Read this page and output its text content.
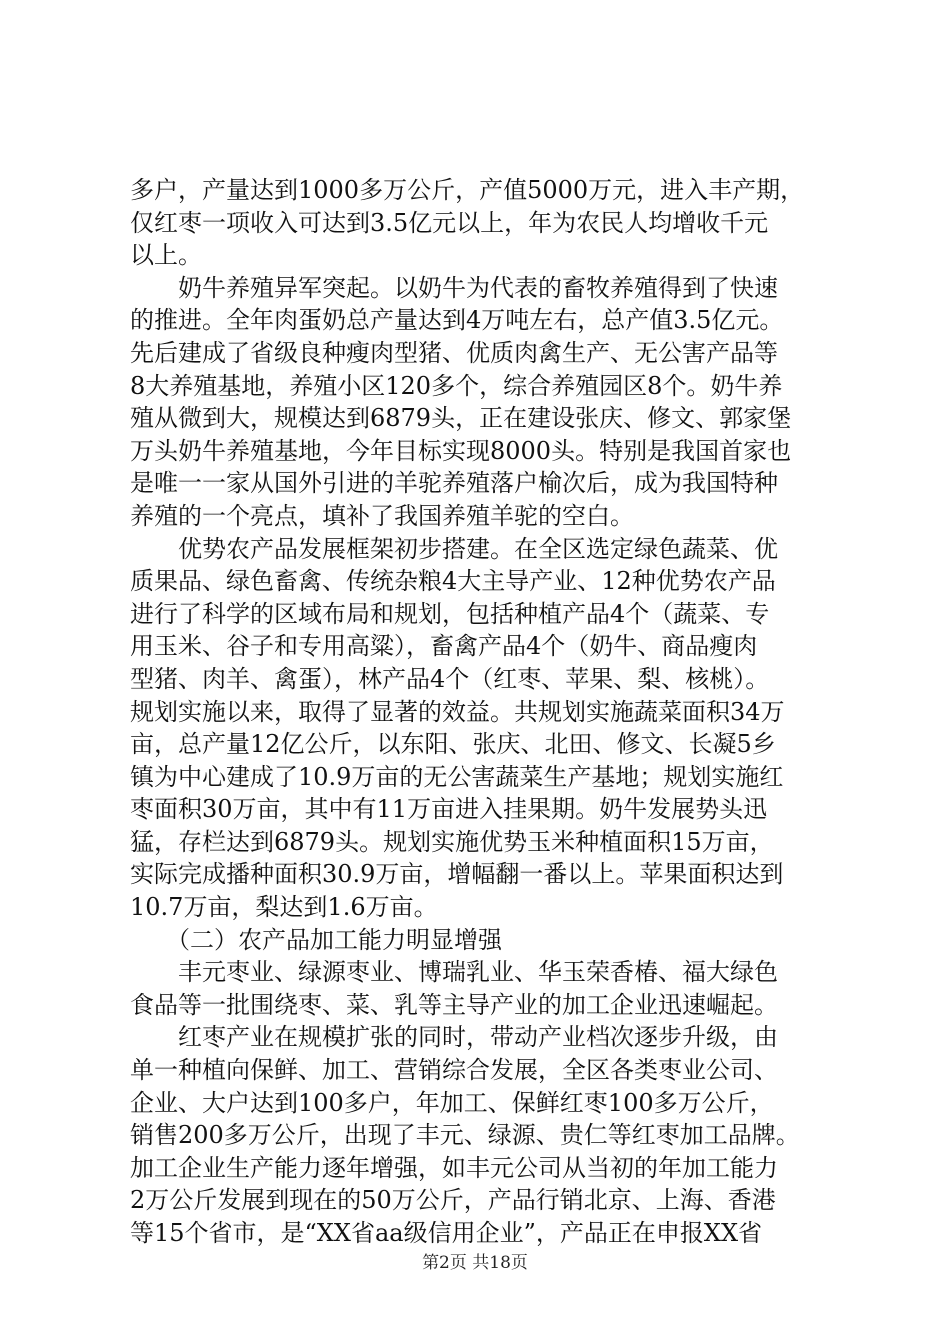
多户，产量达到1000多万公斤，产值5000万元，进入丰产期，
仅红枣一项收入可达到3.5亿元以上，年为农民人均增收千元
以上。
　　奶牛养殖异军突起。以奶牛为代表的畜牧养殖得到了快速
的推进。全年肉蛋奶总产量达到4万吨左右，总产值3.5亿元。
先后建成了省级良种瘦肉型猪、优质肉禽生产、无公害产品等
8大养殖基地，养殖小区120多个，综合养殖园区8个。奶牛养
殖从微到大，规模达到6879头，正在建设张庆、修文、郭家堡
万头奶牛养殖基地，今年目标实现8000头。特别是我国首家也
是唯一一家从国外引进的羊驼养殖落户榆次后，成为我国特种
养殖的一个亮点，填补了我国养殖羊驼的空白。
　　优势农产品发展框架初步搭建。在全区选定绿色蔬菜、优
质果品、绿色畜禽、传统杂粮4大主导产业、12种优势农产品
进行了科学的区域布局和规划，包括种植产品4个（蔬菜、专
用玉米、谷子和专用高粱），畜禽产品4个（奶牛、商品瘦肉
型猪、肉羊、禽蛋），林产品4个（红枣、苹果、梨、核桃）。
规划实施以来，取得了显著的效益。共规划实施蔬菜面积34万
亩，总产量12亿公斤，以东阳、张庆、北田、修文、长凝5乡
镇为中心建成了10.9万亩的无公害蔬菜生产基地；规划实施红
枣面积30万亩，其中有11万亩进入挂果期。奶牛发展势头迅
猛，存栏达到6879头。规划实施优势玉米种植面积15万亩，
实际完成播种面积30.9万亩，增幅翻一番以上。苹果面积达到
10.7万亩，梨达到1.6万亩。
　　（二）农产品加工能力明显增强
　　丰元枣业、绿源枣业、博瑞乳业、华玉荣香椿、福大绿色
食品等一批围绕枣、菜、乳等主导产业的加工企业迅速崛起。
　　红枣产业在规模扩张的同时，带动产业档次逐步升级，由
单一种植向保鲜、加工、营销综合发展，全区各类枣业公司、
企业、大户达到100多户，年加工、保鲜红枣100多万公斤，
销售200多万公斤，出现了丰元、绿源、贵仁等红枣加工品牌。
加工企业生产能力逐年增强，如丰元公司从当初的年加工能力
2万公斤发展到现在的50万公斤，产品行销北京、上海、香港
等15个省市，是“XX省aa级信用企业”，产品正在申报XX省
第2页 共18页
